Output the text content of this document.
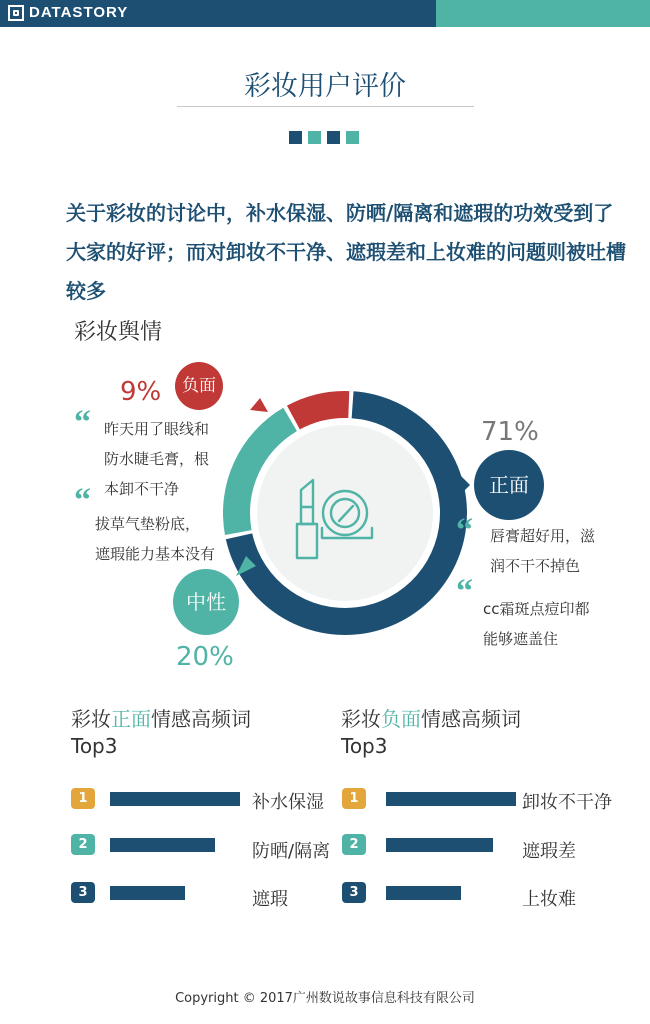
DATASTORY
彩妆用户评价
关于彩妆的讨论中，补水保湿、防晒/隔离和遮瑕的功效受到了大家的好评；而对卸妆不干净、遮瑕差和上妆难的问题则被吐槽较多
彩妆舆情
9%	负面
“ 昨天用了眼线和
防水睫毛膏，根
本卸不干净
“
拔草气垫粉底，
遮瑕能力基本没有
中性
20%
71%
正面
“ 唇膏超好用，滋
润不干不掉色
“ cc霜斑点痘印都
能够遮盖住
彩妆正面情感高频词
Top3
彩妆负面情感高频词
Top3
1	补水保湿
2	防晒/隔离
3	遮瑕
1	卸妆不干净
2	遮瑕差
3	上妆难
Copyright © 2017广州数说故事信息科技有限公司
